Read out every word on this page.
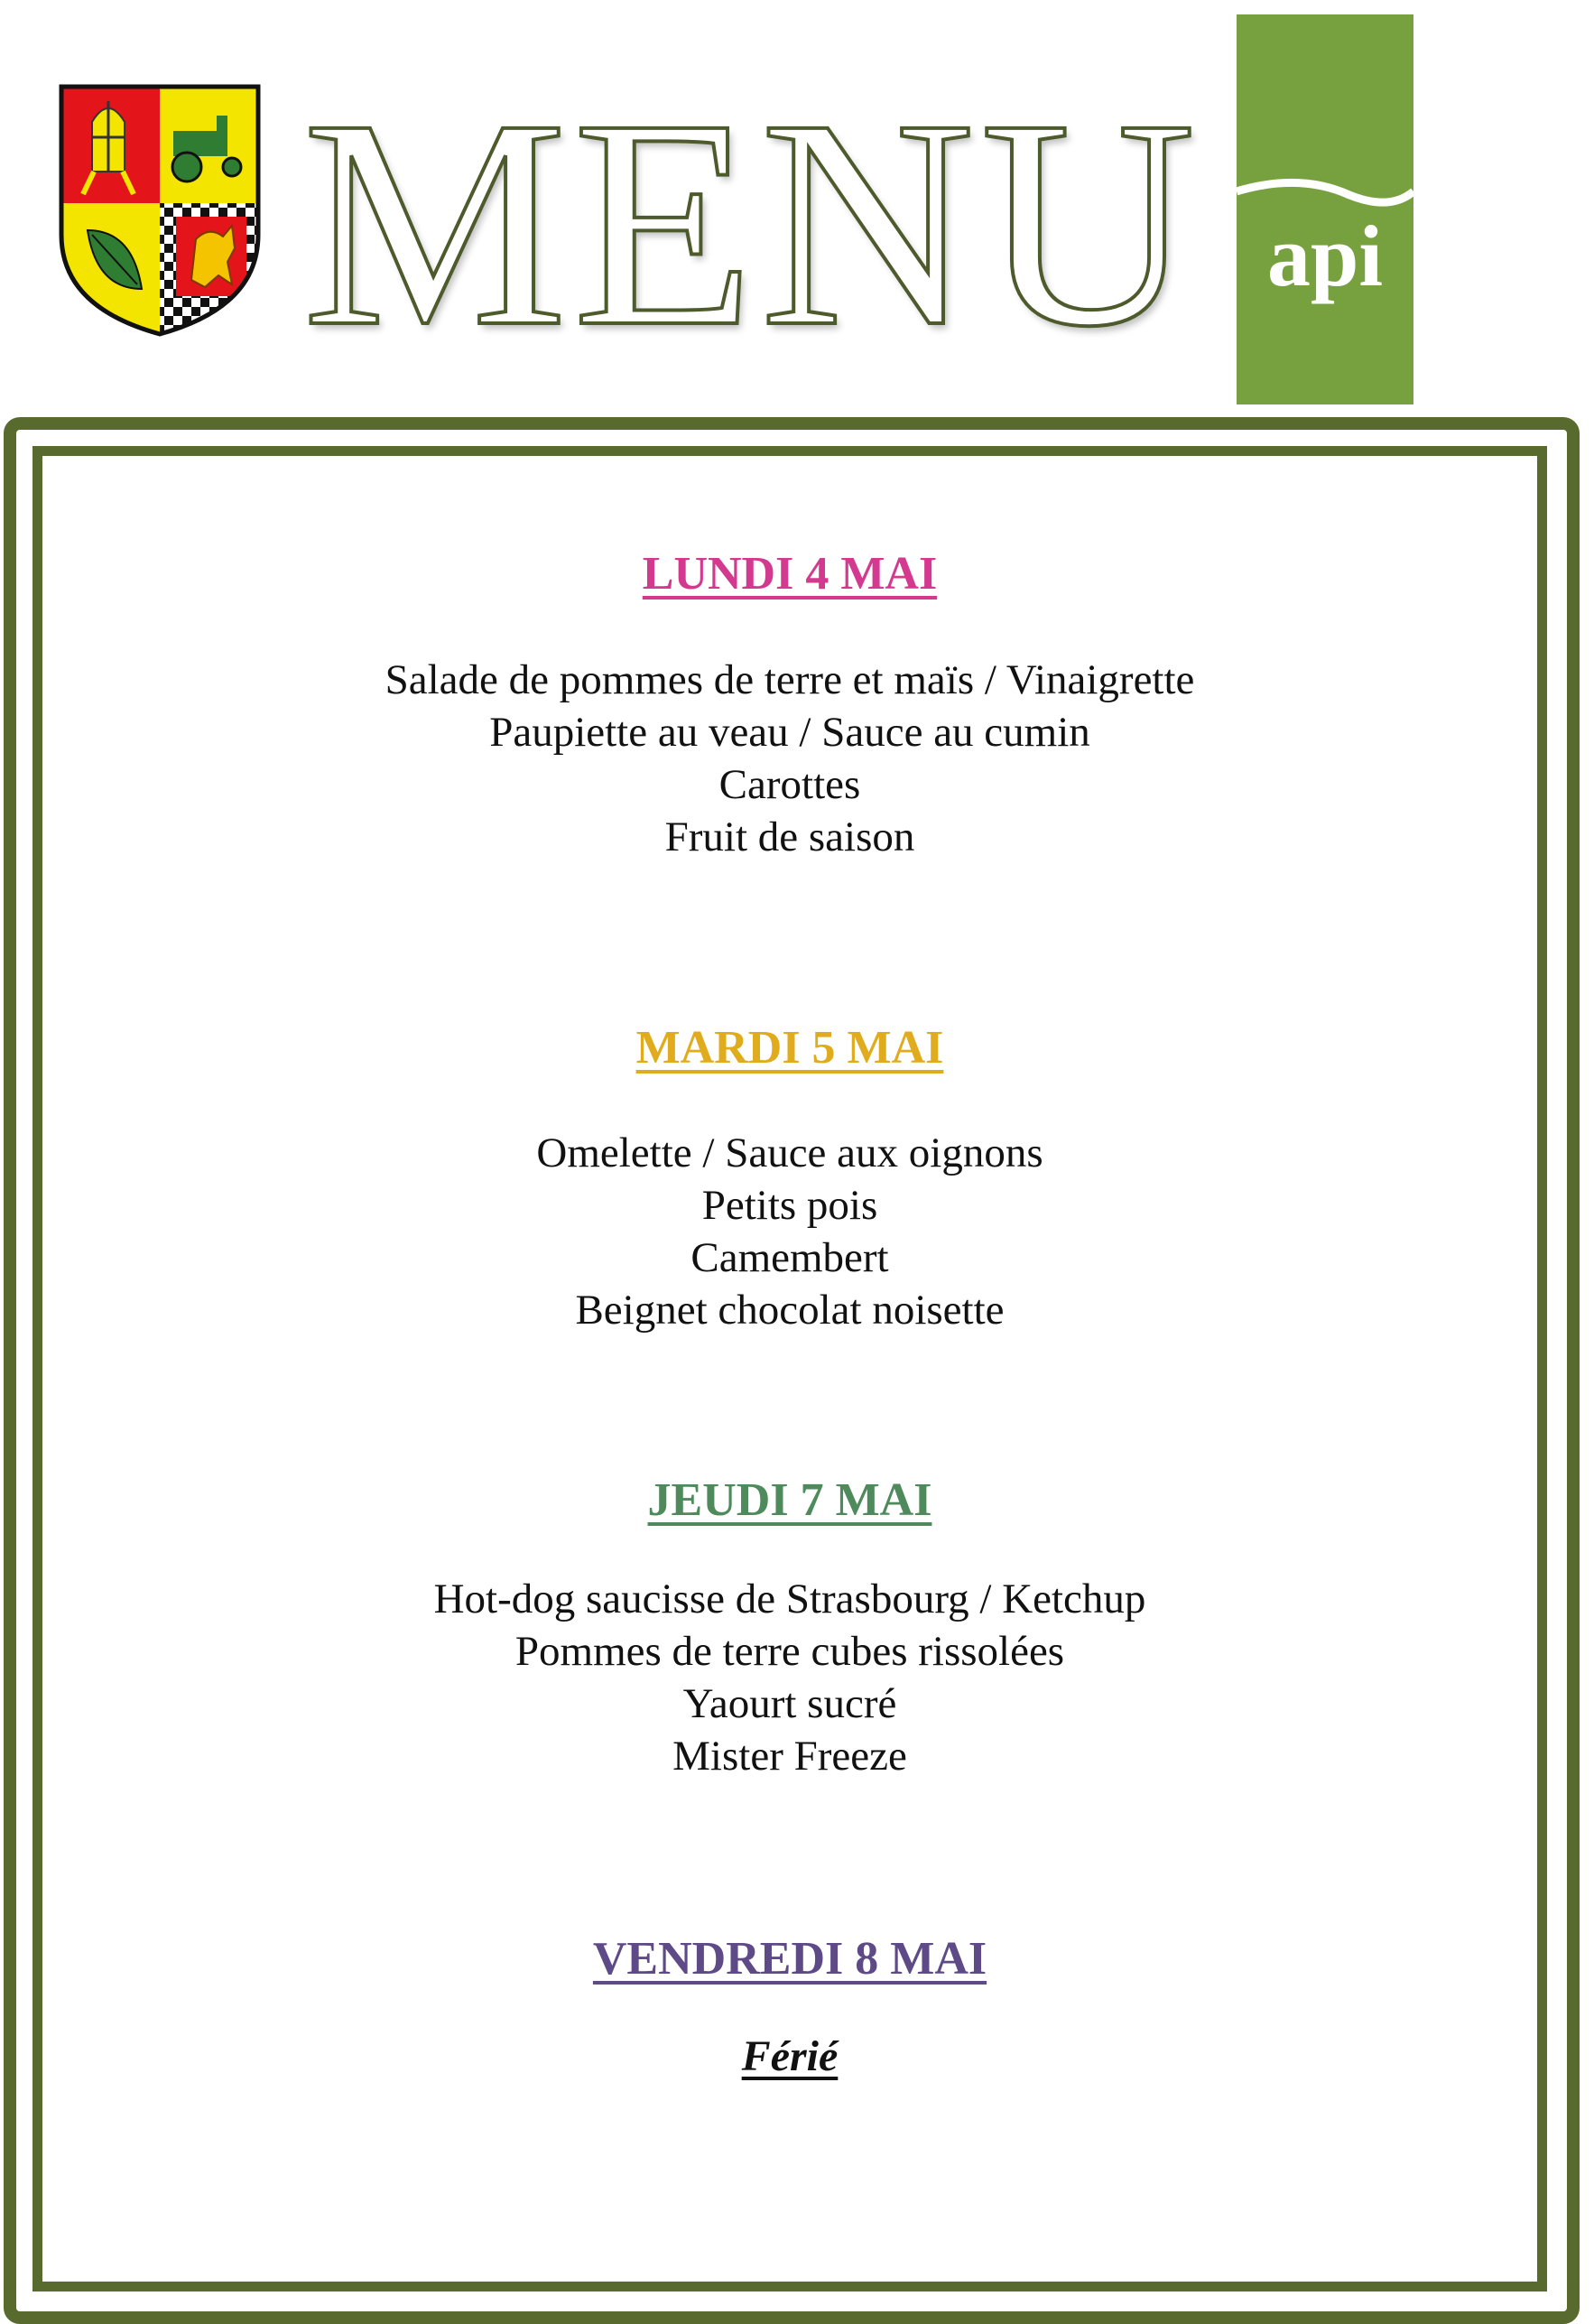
MENU api
LUNDI 4 MAI
Salade de pommes de terre et maïs / Vinaigrette
Paupiette au veau / Sauce au cumin
Carottes
Fruit de saison
MARDI 5 MAI
Omelette / Sauce aux oignons
Petits pois
Camembert
Beignet chocolat noisette
JEUDI 7 MAI
Hot-dog saucisse de Strasbourg / Ketchup
Pommes de terre cubes rissolées
Yaourt sucré
Mister Freeze
VENDREDI 8 MAI
Férié
